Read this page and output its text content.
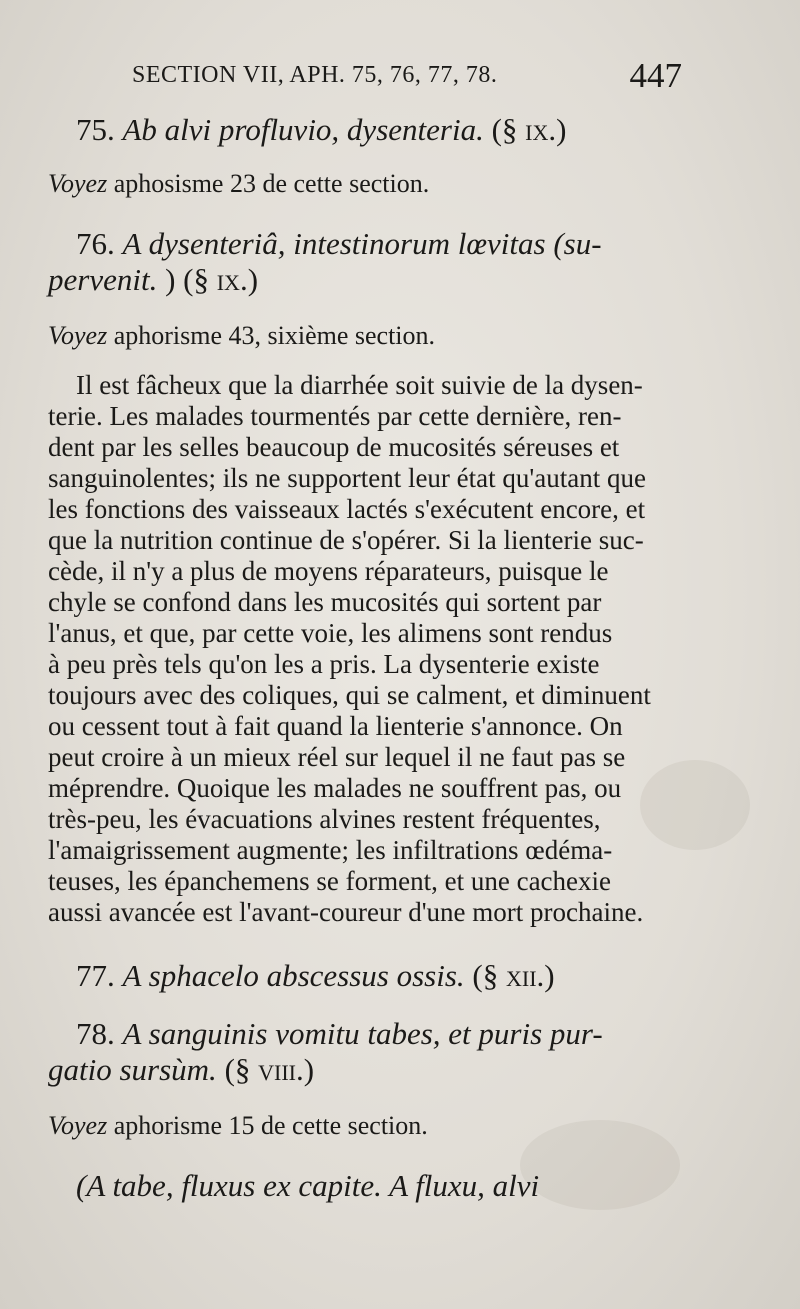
SECTION VII, APH. 75, 76, 77, 78.	447
75. Ab alvi profluvio, dysenteria. (§ ix.)
Voyez aphosisme 23 de cette section.
76. A dysenteriâ, intestinorum lœvitas (su-
pervenit. ) (§ ix.)
Voyez aphorisme 43, sixième section.
Il est fâcheux que la diarrhée soit suivie de la dysen-
terie. Les malades tourmentés par cette dernière, ren-
dent par les selles beaucoup de mucosités séreuses et
sanguinolentes; ils ne supportent leur état qu'autant que
les fonctions des vaisseaux lactés s'exécutent encore, et
que la nutrition continue de s'opérer. Si la lienterie suc-
cède, il n'y a plus de moyens réparateurs, puisque le
chyle se confond dans les mucosités qui sortent par
l'anus, et que, par cette voie, les alimens sont rendus
à peu près tels qu'on les a pris. La dysenterie existe
toujours avec des coliques, qui se calment, et diminuent
ou cessent tout à fait quand la lienterie s'annonce. On
peut croire à un mieux réel sur lequel il ne faut pas se
méprendre. Quoique les malades ne souffrent pas, ou
très-peu, les évacuations alvines restent fréquentes,
l'amaigrissement augmente; les infiltrations œdéma-
teuses, les épanchemens se forment, et une cachexie
aussi avancée est l'avant-coureur d'une mort prochaine.
77. A sphacelo abscessus ossis. (§ xii.)
78. A sanguinis vomitu tabes, et puris pur-
gatio sursùm. (§ viii.)
Voyez aphorisme 15 de cette section.
(A tabe, fluxus ex capite. A fluxu, alvi
